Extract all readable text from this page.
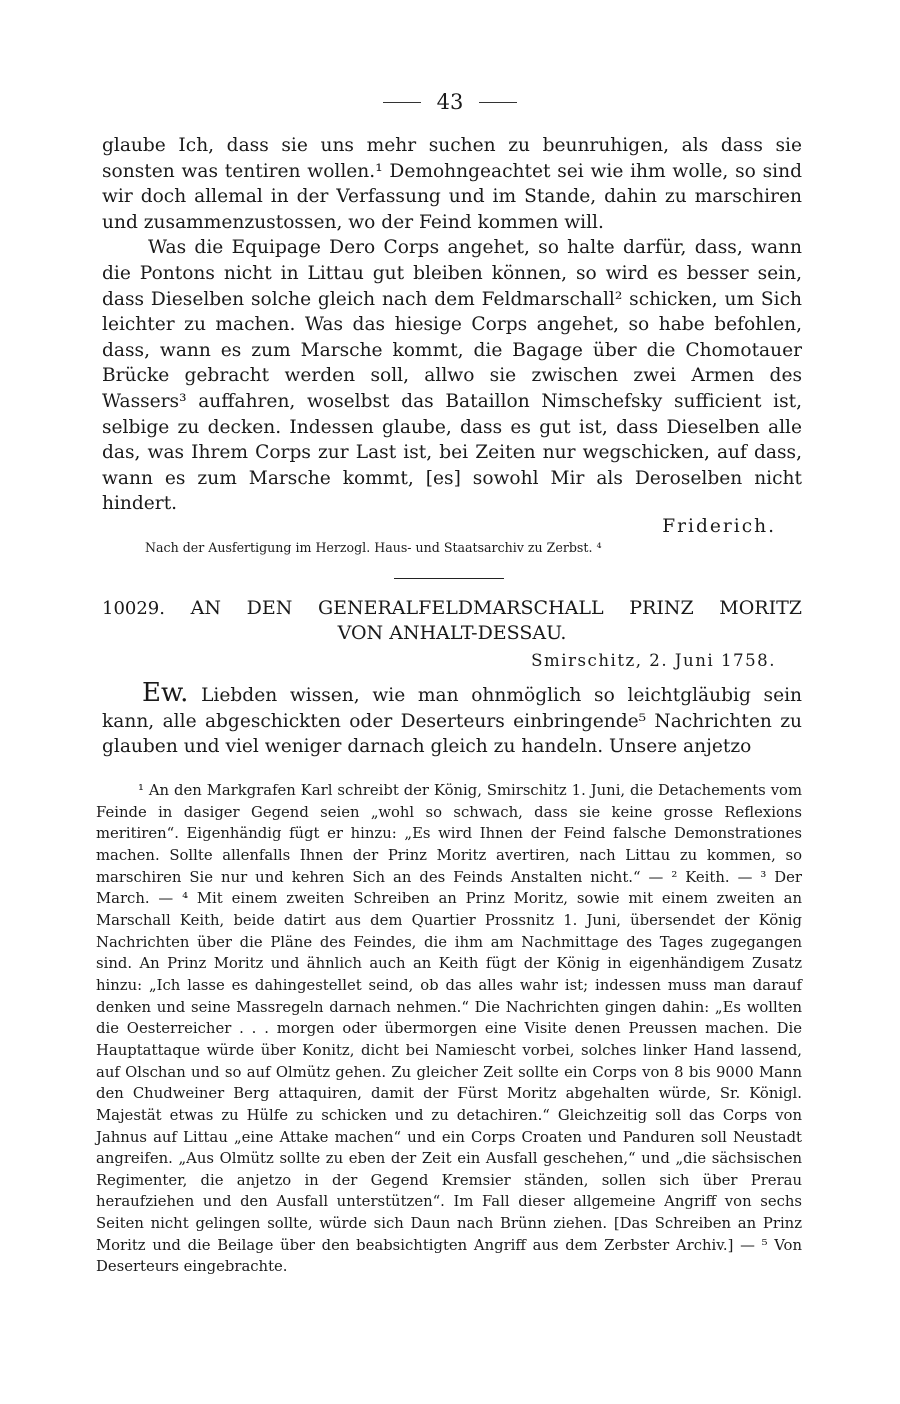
43

glaube Ich, dass sie uns mehr suchen zu beunruhigen, als dass sie sonsten was tentiren wollen.¹ Demohngeachtet sei wie ihm wolle, so sind wir doch allemal in der Verfassung und im Stande, dahin zu marschiren und zusammenzustossen, wo der Feind kommen will.

Was die Equipage Dero Corps angehet, so halte darfür, dass, wann die Pontons nicht in Littau gut bleiben können, so wird es besser sein, dass Dieselben solche gleich nach dem Feldmarschall² schicken, um Sich leichter zu machen. Was das hiesige Corps angehet, so habe befohlen, dass, wann es zum Marsche kommt, die Bagage über die Chomotauer Brücke gebracht werden soll, allwo sie zwischen zwei Armen des Wassers³ auffahren, woselbst das Bataillon Nimschefsky sufficient ist, selbige zu decken. Indessen glaube, dass es gut ist, dass Dieselben alle das, was Ihrem Corps zur Last ist, bei Zeiten nur wegschicken, auf dass, wann es zum Marsche kommt, [es] sowohl Mir als Deroselben nicht hindert.

Friderich.
Nach der Ausfertigung im Herzogl. Haus- und Staatsarchiv zu Zerbst. ⁴
10029. AN DEN GENERALFELDMARSCHALL PRINZ MORITZ
VON ANHALT-DESSAU.
Smirschitz, 2. Juni 1758.

Ew. Liebden wissen, wie man ohnmöglich so leichtgläubig sein kann, alle abgeschickten oder Deserteurs einbringende⁵ Nachrichten zu glauben und viel weniger darnach gleich zu handeln. Unsere anjetzo

¹ An den Markgrafen Karl schreibt der König, Smirschitz 1. Juni, die Detachements vom Feinde in dasiger Gegend seien „wohl so schwach, dass sie keine grosse Reflexions meritiren“. Eigenhändig fügt er hinzu: „Es wird Ihnen der Feind falsche Demonstrationes machen. Sollte allenfalls Ihnen der Prinz Moritz avertiren, nach Littau zu kommen, so marschiren Sie nur und kehren Sich an des Feinds Anstalten nicht.“ — ² Keith. — ³ Der March. — ⁴ Mit einem zweiten Schreiben an Prinz Moritz, sowie mit einem zweiten an Marschall Keith, beide datirt aus dem Quartier Prossnitz 1. Juni, übersendet der König Nachrichten über die Pläne des Feindes, die ihm am Nachmittage des Tages zugegangen sind. An Prinz Moritz und ähnlich auch an Keith fügt der König in eigenhändigem Zusatz hinzu: „Ich lasse es dahingestellet seind, ob das alles wahr ist; indessen muss man darauf denken und seine Massregeln darnach nehmen.“ Die Nachrichten gingen dahin: „Es wollten die Oesterreicher . . . morgen oder übermorgen eine Visite denen Preussen machen. Die Hauptattaque würde über Konitz, dicht bei Namiescht vorbei, solches linker Hand lassend, auf Olschan und so auf Olmütz gehen. Zu gleicher Zeit sollte ein Corps von 8 bis 9000 Mann den Chudweiner Berg attaquiren, damit der Fürst Moritz abgehalten würde, Sr. Königl. Majestät etwas zu Hülfe zu schicken und zu detachiren.“ Gleichzeitig soll das Corps von Jahnus auf Littau „eine Attake machen“ und ein Corps Croaten und Panduren soll Neustadt angreifen. „Aus Olmütz sollte zu eben der Zeit ein Ausfall geschehen,“ und „die sächsischen Regimenter, die anjetzo in der Gegend Kremsier ständen, sollen sich über Prerau heraufziehen und den Ausfall unterstützen“. Im Fall dieser allgemeine Angriff von sechs Seiten nicht gelingen sollte, würde sich Daun nach Brünn ziehen. [Das Schreiben an Prinz Moritz und die Beilage über den beabsichtigten Angriff aus dem Zerbster Archiv.] — ⁵ Von Deserteurs eingebrachte.
